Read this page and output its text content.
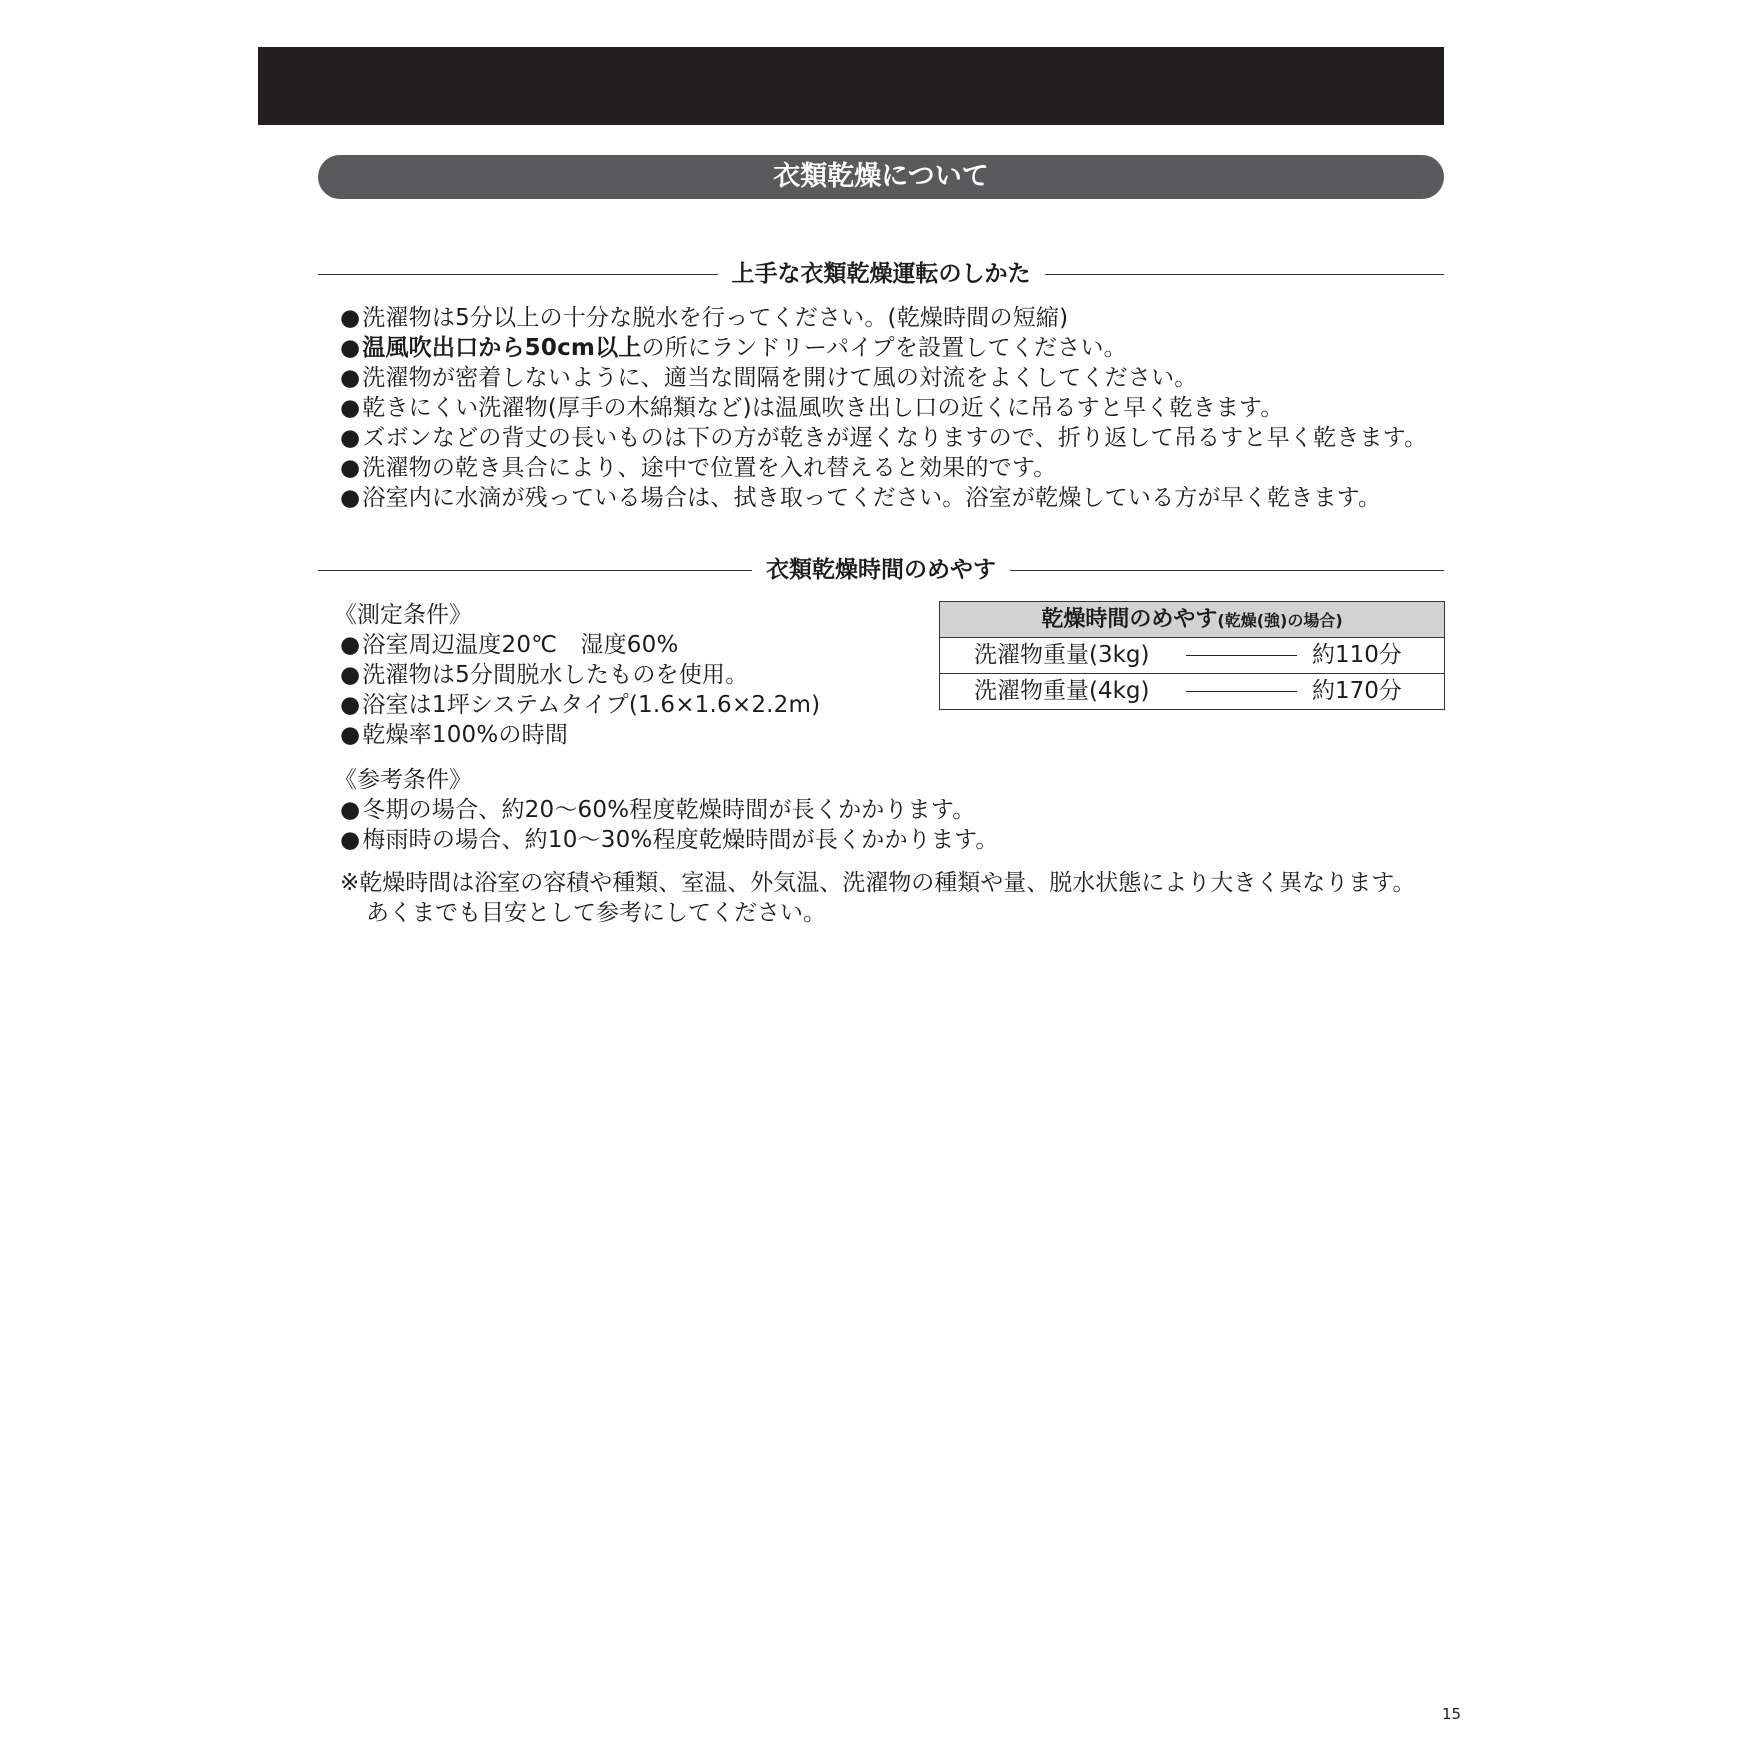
衣類乾燥について
上手な衣類乾燥運転のしかた
●洗濯物は5分以上の十分な脱水を行ってください。(乾燥時間の短縮)
●温風吹出口から50cm以上の所にランドリーパイプを設置してください。
●洗濯物が密着しないように、適当な間隔を開けて風の対流をよくしてください。
●乾きにくい洗濯物(厚手の木綿類など)は温風吹き出し口の近くに吊るすと早く乾きます。
●ズボンなどの背丈の長いものは下の方が乾きが遅くなりますので、折り返して吊るすと早く乾きます。
●洗濯物の乾き具合により、途中で位置を入れ替えると効果的です。
●浴室内に水滴が残っている場合は、拭き取ってください。浴室が乾燥している方が早く乾きます。
衣類乾燥時間のめやす
《測定条件》
●浴室周辺温度20℃　湿度60%
●洗濯物は5分間脱水したものを使用。
●浴室は1坪システムタイプ(1.6×1.6×2.2m)
●乾燥率100%の時間
乾燥時間のめやす(乾燥(強)の場合)
洗濯物重量(3kg)	約110分
洗濯物重量(4kg)	約170分
《参考条件》
●冬期の場合、約20〜60%程度乾燥時間が長くかかります。
●梅雨時の場合、約10〜30%程度乾燥時間が長くかかります。
※乾燥時間は浴室の容積や種類、室温、外気温、洗濯物の種類や量、脱水状態により大きく異なります。
あくまでも目安として参考にしてください。
15
